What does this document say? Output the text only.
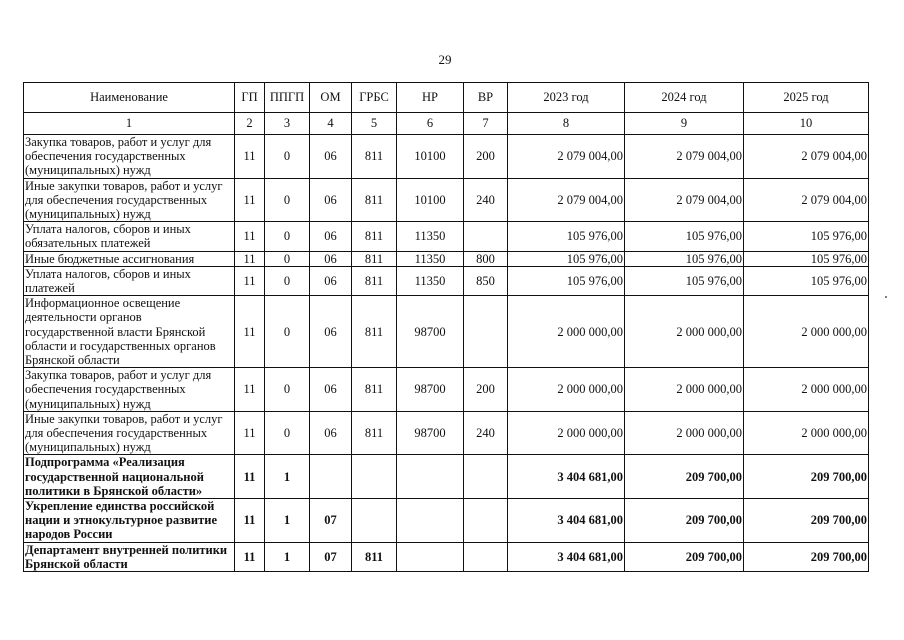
29
Наименование	ГП	ППГП	ОМ	ГРБС	НР	ВР	2023 год	2024 год	2025 год
1	2	3	4	5	6	7	8	9	10
Закупка товаров, работ и услуг для обеспечения государственных (муниципальных) нужд	11	0	06	811	10100	200	2 079 004,00	2 079 004,00	2 079 004,00
Иные закупки товаров, работ и услуг для обеспечения государственных (муниципальных) нужд	11	0	06	811	10100	240	2 079 004,00	2 079 004,00	2 079 004,00
Уплата налогов, сборов и иных обязательных платежей	11	0	06	811	11350		105 976,00	105 976,00	105 976,00
Иные бюджетные ассигнования	11	0	06	811	11350	800	105 976,00	105 976,00	105 976,00
Уплата налогов, сборов и иных платежей	11	0	06	811	11350	850	105 976,00	105 976,00	105 976,00
Информационное освещение деятельности органов государственной власти Брянской области и государственных органов Брянской области	11	0	06	811	98700		2 000 000,00	2 000 000,00	2 000 000,00
Закупка товаров, работ и услуг для обеспечения государственных (муниципальных) нужд	11	0	06	811	98700	200	2 000 000,00	2 000 000,00	2 000 000,00
Иные закупки товаров, работ и услуг для обеспечения государственных (муниципальных) нужд	11	0	06	811	98700	240	2 000 000,00	2 000 000,00	2 000 000,00
Подпрограмма «Реализация государственной национальной политики в Брянской области»	11	1					3 404 681,00	209 700,00	209 700,00
Укрепление единства российской нации и этнокультурное развитие народов России	11	1	07				3 404 681,00	209 700,00	209 700,00
Департамент внутренней политики Брянской области	11	1	07	811			3 404 681,00	209 700,00	209 700,00
